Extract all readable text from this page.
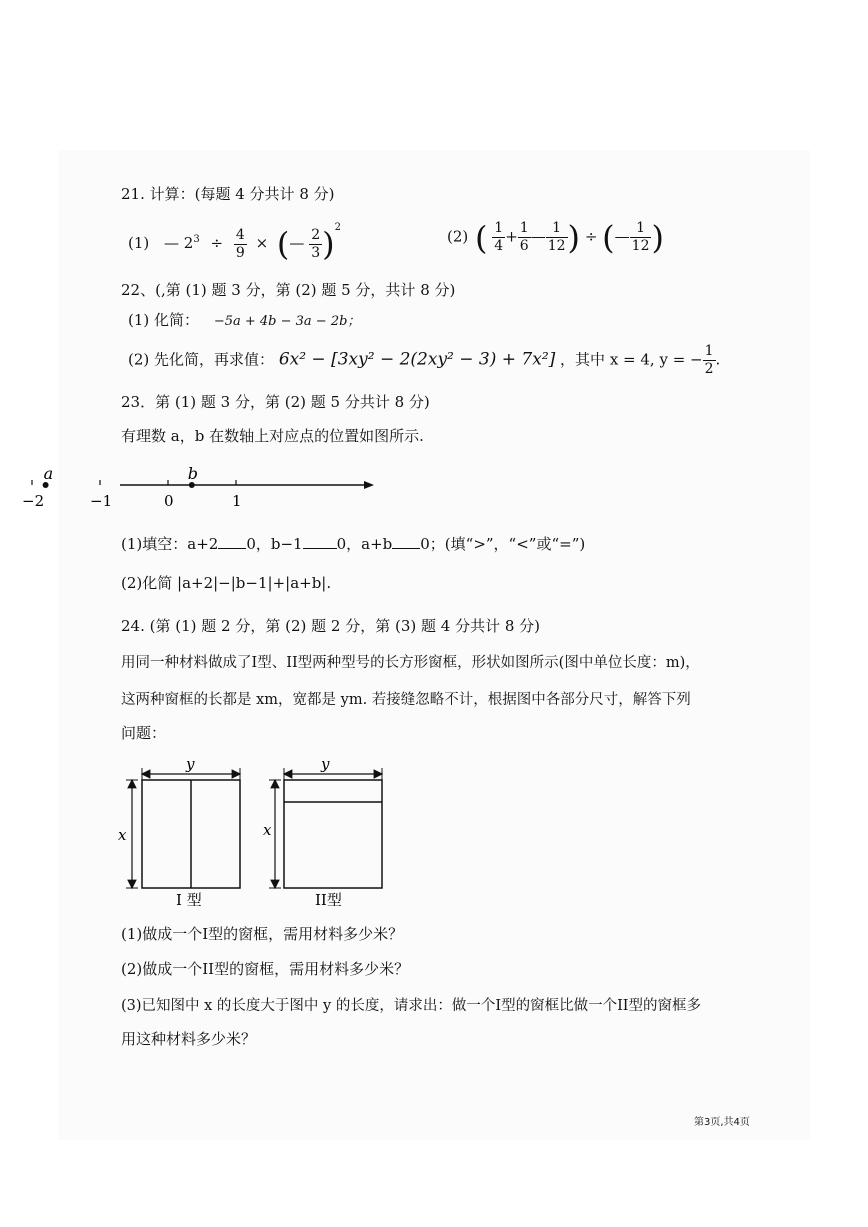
21. 计算：(每题 4 分共计 8 分)
(1) — $2^3 \div \frac{4}{9}$ × (— $\frac{2}{3} )^2$	(2) ( $\frac{1}{4} + \frac{1}{6}$ — $\frac{1}{12}$ ) ÷ (— $\frac{1}{12}$ )
22、(,第 (1) 题 3 分，第 (2) 题 5 分，共计 8 分)
(1) 化简： −5a + 4b − 3a − 2b；
(2) 先化简，再求值： 6x² − [3xy² − 2(2xy² − 3) + 7x²] ，其中 x = 4, y = − $\frac{1}{2}$ .
23．第 (1) 题 3 分，第 (2) 题 5 分共计 8 分)
有理数 a，b 在数轴上对应点的位置如图所示.
−2	−1	0	1
a	b
(1)填空：a+2 0，b−1 0，a+b 0；(填“>”，“<”或“=”)
(2)化简 |a+2|−|b−1|+|a+b|.
24. (第 (1) 题 2 分，第 (2) 题 2 分，第 (3) 题 4 分共计 8 分)
用同一种材料做成了I型、II型两种型号的长方形窗框，形状如图所示(图中单位长度：m)，
这两种窗框的长都是 xm，宽都是 ym. 若接缝忽略不计，根据图中各部分尺寸，解答下列
问题：
y
x
I 型
y
x
II型
(1)做成一个I型的窗框，需用材料多少米？
(2)做成一个II型的窗框，需用材料多少米？
(3)已知图中 x 的长度大于图中 y 的长度，请求出：做一个I型的窗框比做一个II型的窗框多
用这种材料多少米？
第3页,共4页
